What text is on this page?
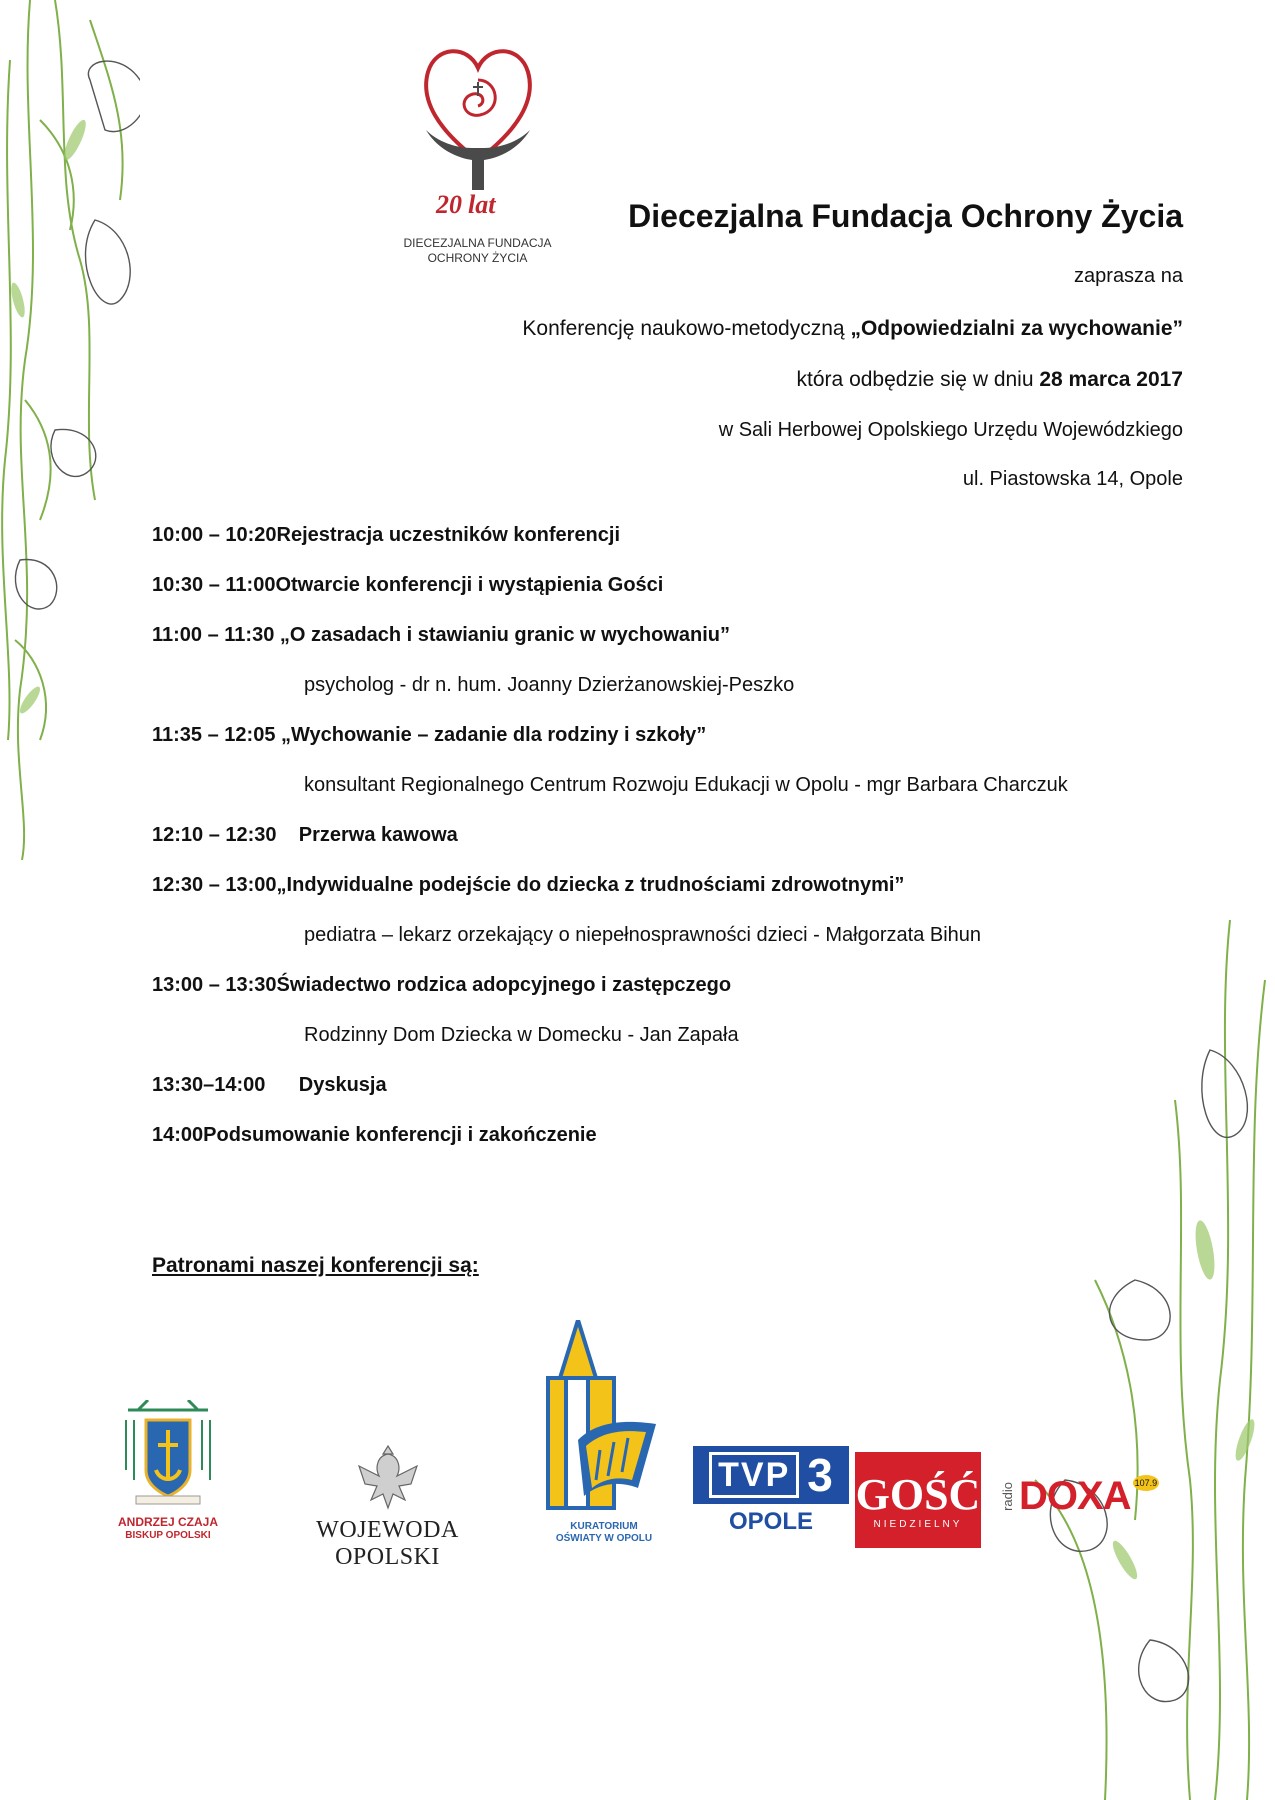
20 lat
DIECEZJALNA FUNDACJA
OCHRONY ŻYCIA
Diecezjalna Fundacja Ochrony Życia
zaprasza na
Konferencję naukowo-metodyczną „Odpowiedzialni za wychowanie”
która odbędzie się w dniu 28 marca 2017
w Sali Herbowej Opolskiego Urzędu Wojewódzkiego
ul. Piastowska 14, Opole
10:00 – 10:20Rejestracja uczestników konferencji
10:30 – 11:00Otwarcie konferencji i wystąpienia Gości
11:00 – 11:30 „O zasadach i stawianiu granic w wychowaniu”
psycholog - dr n. hum. Joanny Dzierżanowskiej-Peszko
11:35 – 12:05 „Wychowanie – zadanie dla rodziny i szkoły”
konsultant Regionalnego Centrum Rozwoju Edukacji w Opolu - mgr Barbara Charczuk
12:10 – 12:30 Przerwa kawowa
12:30 – 13:00„Indywidualne podejście do dziecka z trudnościami zdrowotnymi”
pediatra – lekarz orzekający o niepełnosprawności dzieci - Małgorzata Bihun
13:00 – 13:30Świadectwo rodzica adopcyjnego i zastępczego
Rodzinny Dom Dziecka w Domecku - Jan Zapała
13:30–14:00 Dyskusja
14:00Podsumowanie konferencji i zakończenie
Patronami naszej konferencji są:
ANDRZEJ CZAJA
BISKUP OPOLSKI	WOJEWODA OPOLSKI
KURATORIUM
OŚWIATY W OPOLU
TVP 3
OPOLE
GOŚĆ
NIEDZIELNY
radio DOXA 107.9
